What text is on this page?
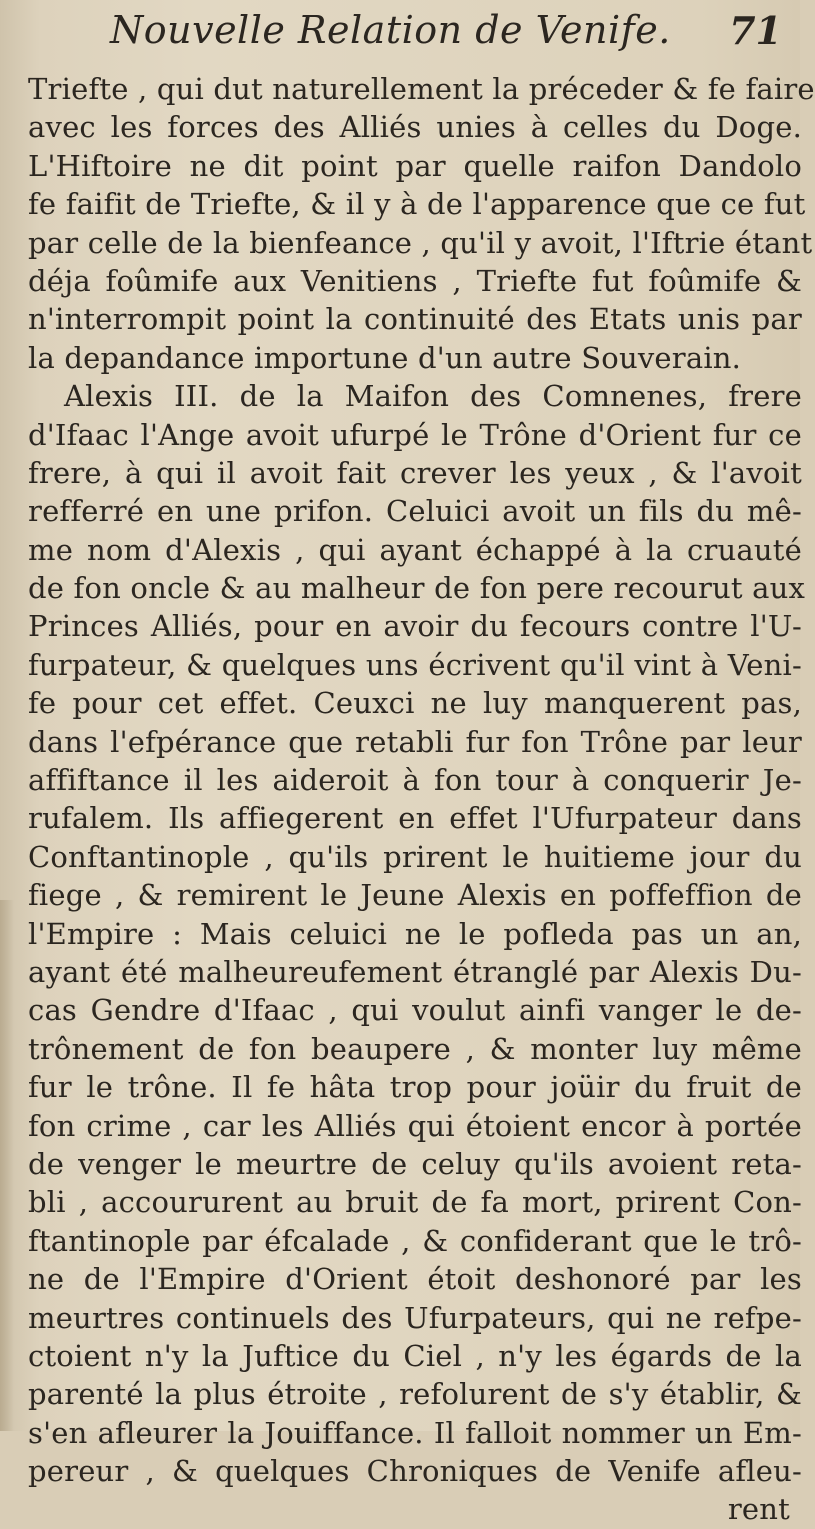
Nouvelle Relation de Venife. 71
Triefte , qui dut naturellement la préceder & fe faire
avec les forces des Alliés unies à celles du Doge.
L'Hiftoire ne dit point par quelle raifon Dandolo
fe faifit de Triefte, & il y à de l'apparence que ce fut
par celle de la bienfeance , qu'il y avoit, l'Iftrie étant
déja foûmife aux Venitiens , Triefte fut foûmife &
n'interrompit point la continuité des Etats unis par
la depandance importune d'un autre Souverain.
Alexis III. de la Maifon des Comnenes, frere
d'Ifaac l'Ange avoit ufurpé le Trône d'Orient fur ce
frere, à qui il avoit fait crever les yeux , & l'avoit
refferré en une prifon. Celuici avoit un fils du mê-
me nom d'Alexis , qui ayant échappé à la cruauté
de fon oncle & au malheur de fon pere recourut aux
Princes Alliés, pour en avoir du fecours contre l'U-
furpateur, & quelques uns écrivent qu'il vint à Veni-
fe pour cet effet. Ceuxci ne luy manquerent pas,
dans l'efpérance que retabli fur fon Trône par leur
affiftance il les aideroit à fon tour à conquerir Je-
rufalem. Ils affiegerent en effet l'Ufurpateur dans
Conftantinople , qu'ils prirent le huitieme jour du
fiege , & remirent le Jeune Alexis en poffeffion de
l'Empire : Mais celuici ne le pofleda pas un an,
ayant été malheureufement étranglé par Alexis Du-
cas Gendre d'Ifaac , qui voulut ainfi vanger le de-
trônement de fon beaupere , & monter luy même
fur le trône. Il fe hâta trop pour joüir du fruit de
fon crime , car les Alliés qui étoient encor à portée
de venger le meurtre de celuy qu'ils avoient reta-
bli , accoururent au bruit de fa mort, prirent Con-
ftantinople par éfcalade , & confiderant que le trô-
ne de l'Empire d'Orient étoit deshonoré par les
meurtres continuels des Ufurpateurs, qui ne refpe-
ctoient n'y la Juftice du Ciel , n'y les égards de la
parenté la plus étroite , refolurent de s'y établir, &
s'en afleurer la Jouiffance. Il falloit nommer un Em-
pereur , & quelques Chroniques de Venife afleu-
rent
